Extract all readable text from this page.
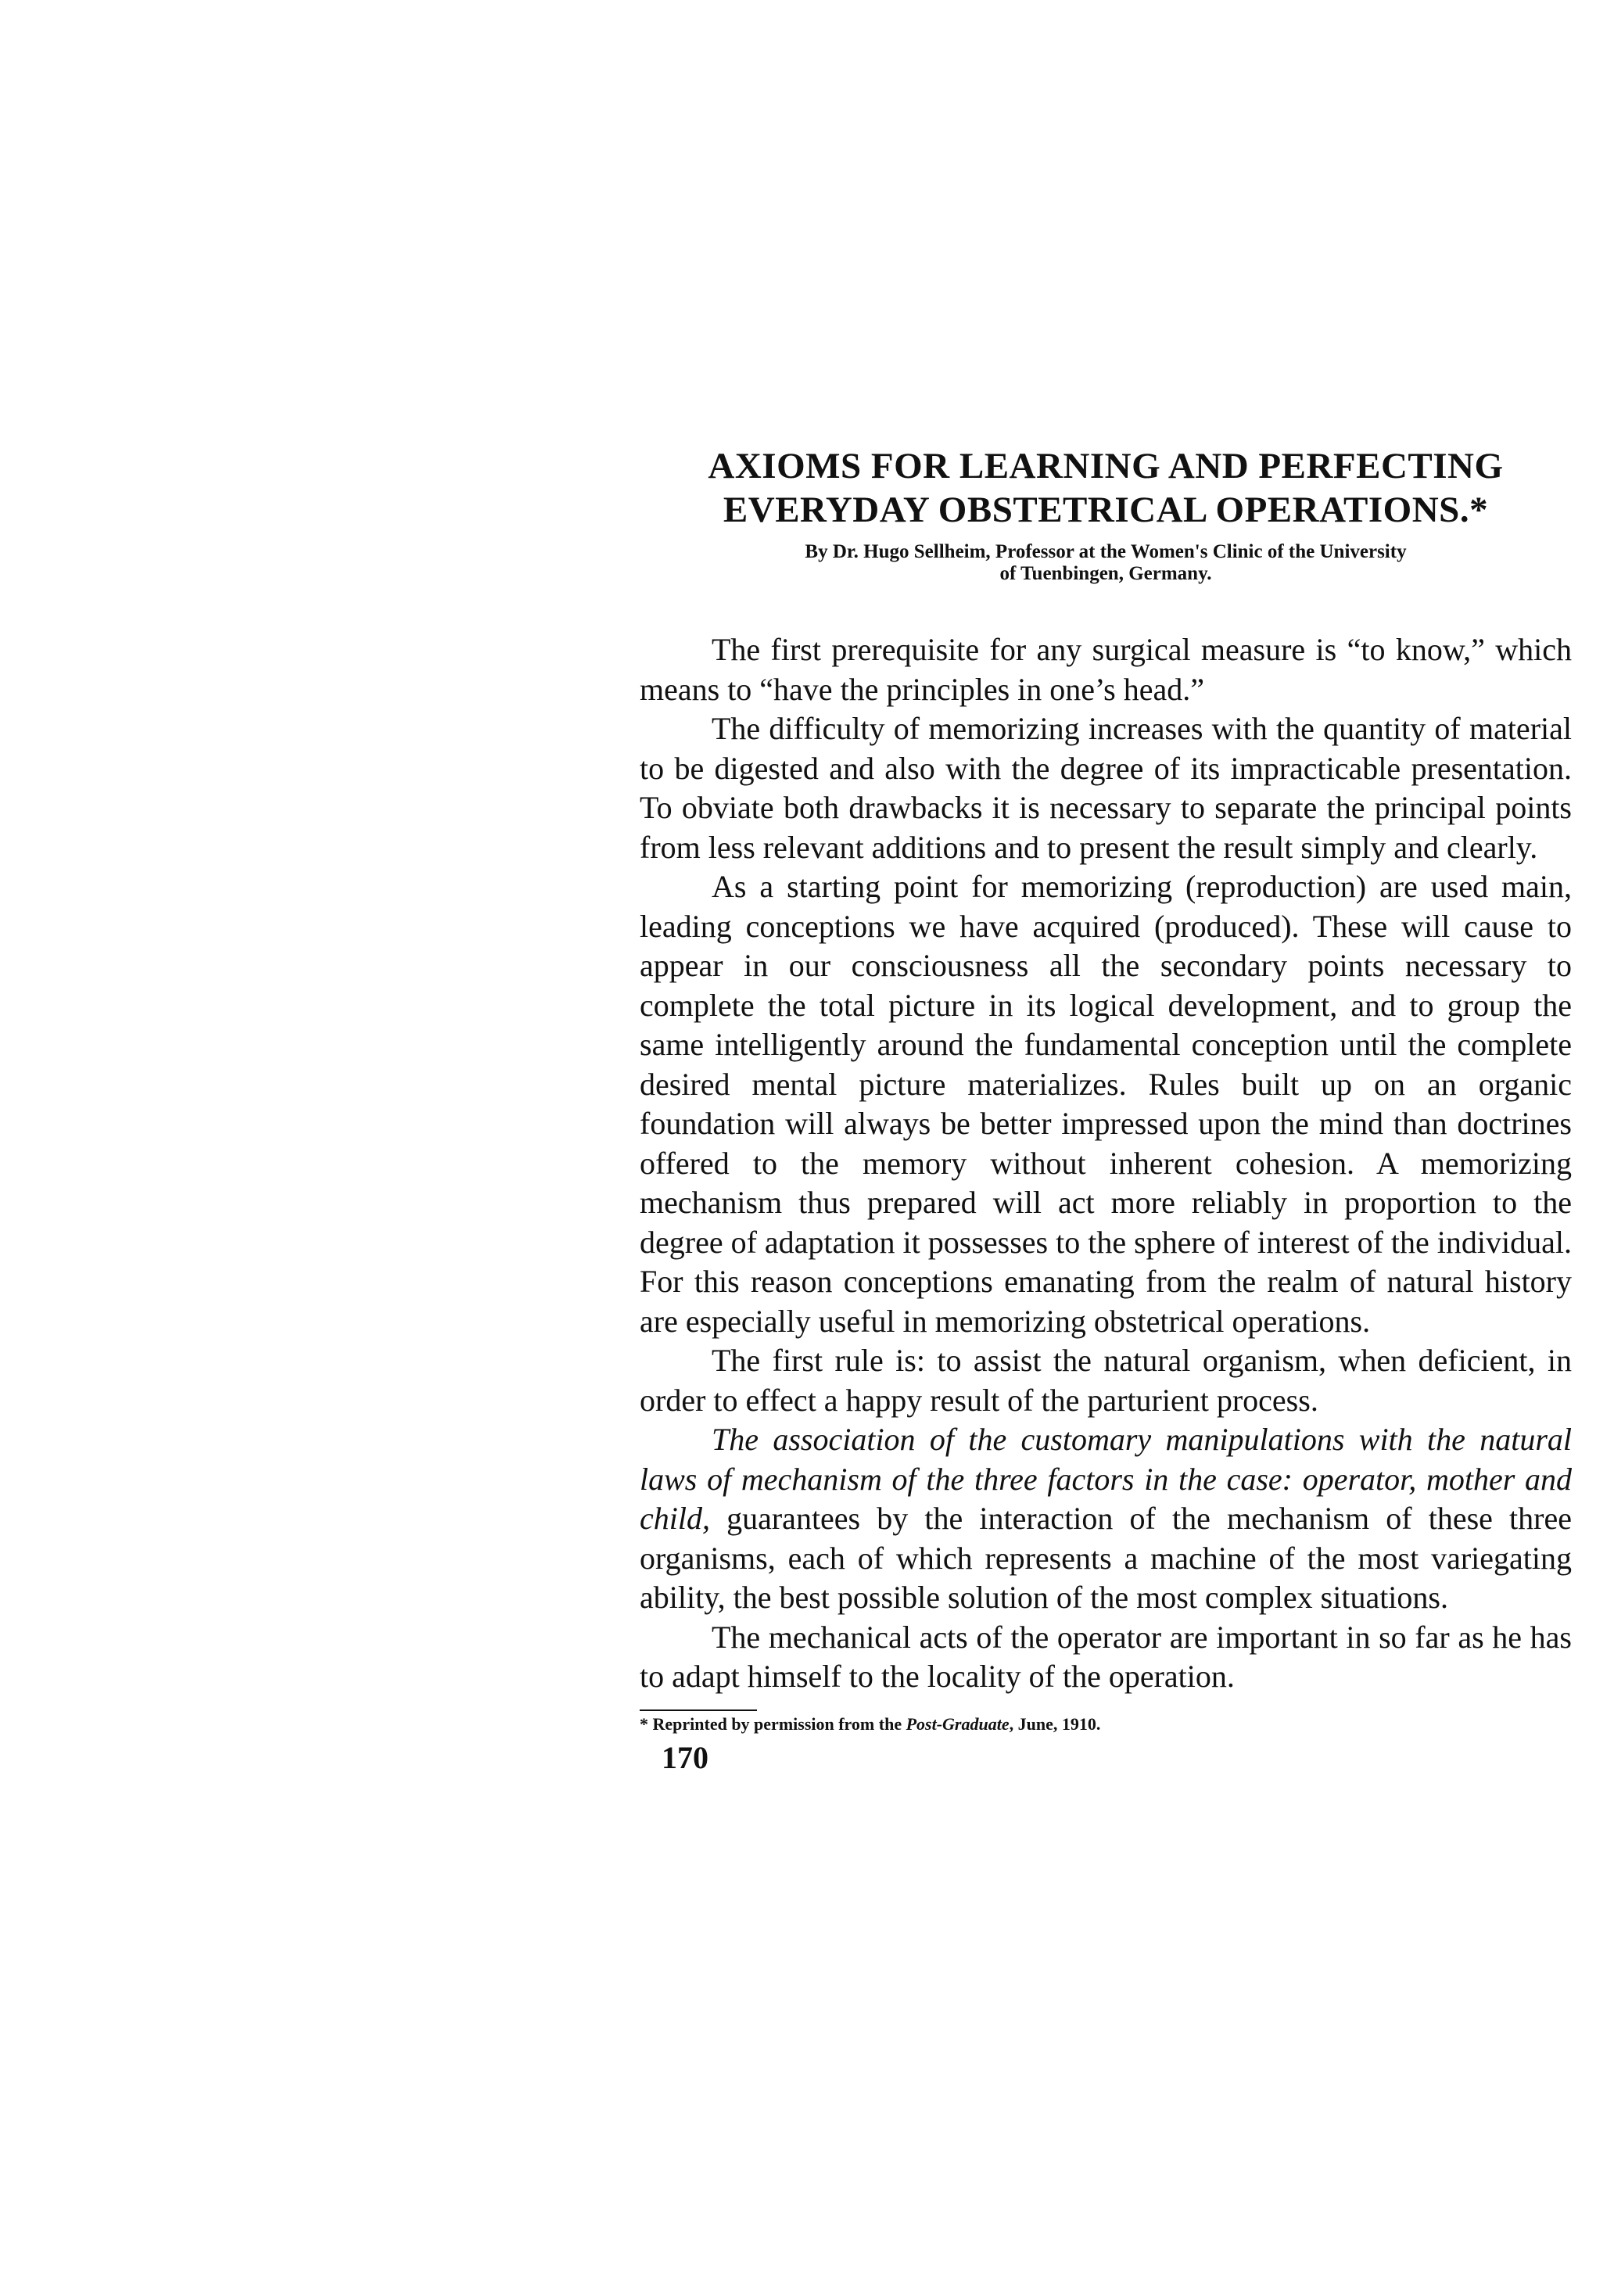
AXIOMS FOR LEARNING AND PERFECTING
EVERYDAY OBSTETRICAL OPERATIONS.*
By Dr. Hugo Sellheim, Professor at the Women's Clinic of the University
of Tuenbingen, Germany.

The first prerequisite for any surgical measure is “to know,” which means to “have the principles in one’s head.”

The difficulty of memorizing increases with the quantity of material to be digested and also with the degree of its impracticable presentation. To obviate both drawbacks it is necessary to separate the principal points from less relevant additions and to present the result simply and clearly.

As a starting point for memorizing (reproduction) are used main, leading conceptions we have acquired (produced). These will cause to appear in our consciousness all the secondary points necessary to complete the total picture in its logical development, and to group the same intelligently around the fundamental conception until the complete desired mental picture materializes. Rules built up on an organic foundation will always be better impressed upon the mind than doctrines offered to the memory without inherent cohesion. A memorizing mechanism thus prepared will act more reliably in proportion to the degree of adaptation it possesses to the sphere of interest of the individual. For this reason conceptions emanating from the realm of natural history are especially useful in memorizing obstetrical operations.

The first rule is: to assist the natural organism, when deficient, in order to effect a happy result of the parturient process.

The association of the customary manipulations with the natural laws of mechanism of the three factors in the case: operator, mother and child, guarantees by the interaction of the mechanism of these three organisms, each of which represents a machine of the most variegating ability, the best possible solution of the most complex situations.

The mechanical acts of the operator are important in so far as he has to adapt himself to the locality of the operation.

* Reprinted by permission from the Post-Graduate, June, 1910.

170
